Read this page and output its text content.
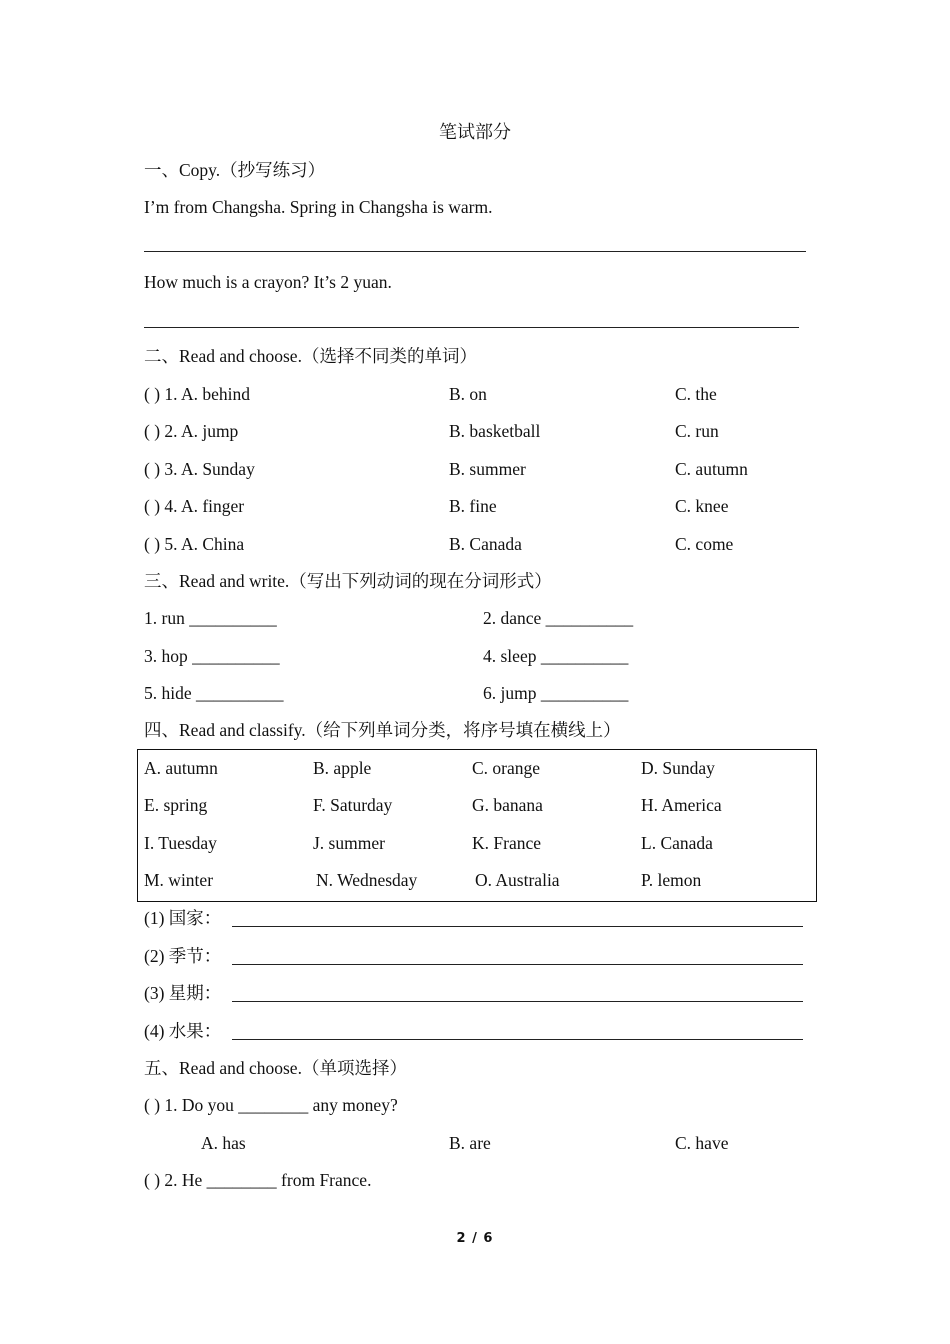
笔试部分
一、Copy.（抄写练习）
I’m from Changsha. Spring in Changsha is warm.
How much is a crayon? It’s 2 yuan.
二、Read and choose.（选择不同类的单词）
( ) 1. A. behind	B. on	C. the
( ) 2. A. jump	B. basketball	C. run
( ) 3. A. Sunday	B. summer	C. autumn
( ) 4. A. finger	B. fine	C. knee
( ) 5. A. China	B. Canada	C. come
三、Read and write.（写出下列动词的现在分词形式）
1. run __________	2. dance __________
3. hop __________	4. sleep __________
5. hide __________	6. jump __________
四、Read and classify.（给下列单词分类，将序号填在横线上）
A. autumn	B. apple	C. orange	D. Sunday
E. spring	F. Saturday	G. banana	H. America
I. Tuesday	J. summer	K. France	L. Canada
M. winter	N. Wednesday	O. Australia	P. lemon
(1) 国家：
(2) 季节：
(3) 星期：
(4) 水果：
五、Read and choose.（单项选择）
( ) 1. Do you ________ any money?
A. has	B. are	C. have
( ) 2. He ________ from France.
2 / 6
